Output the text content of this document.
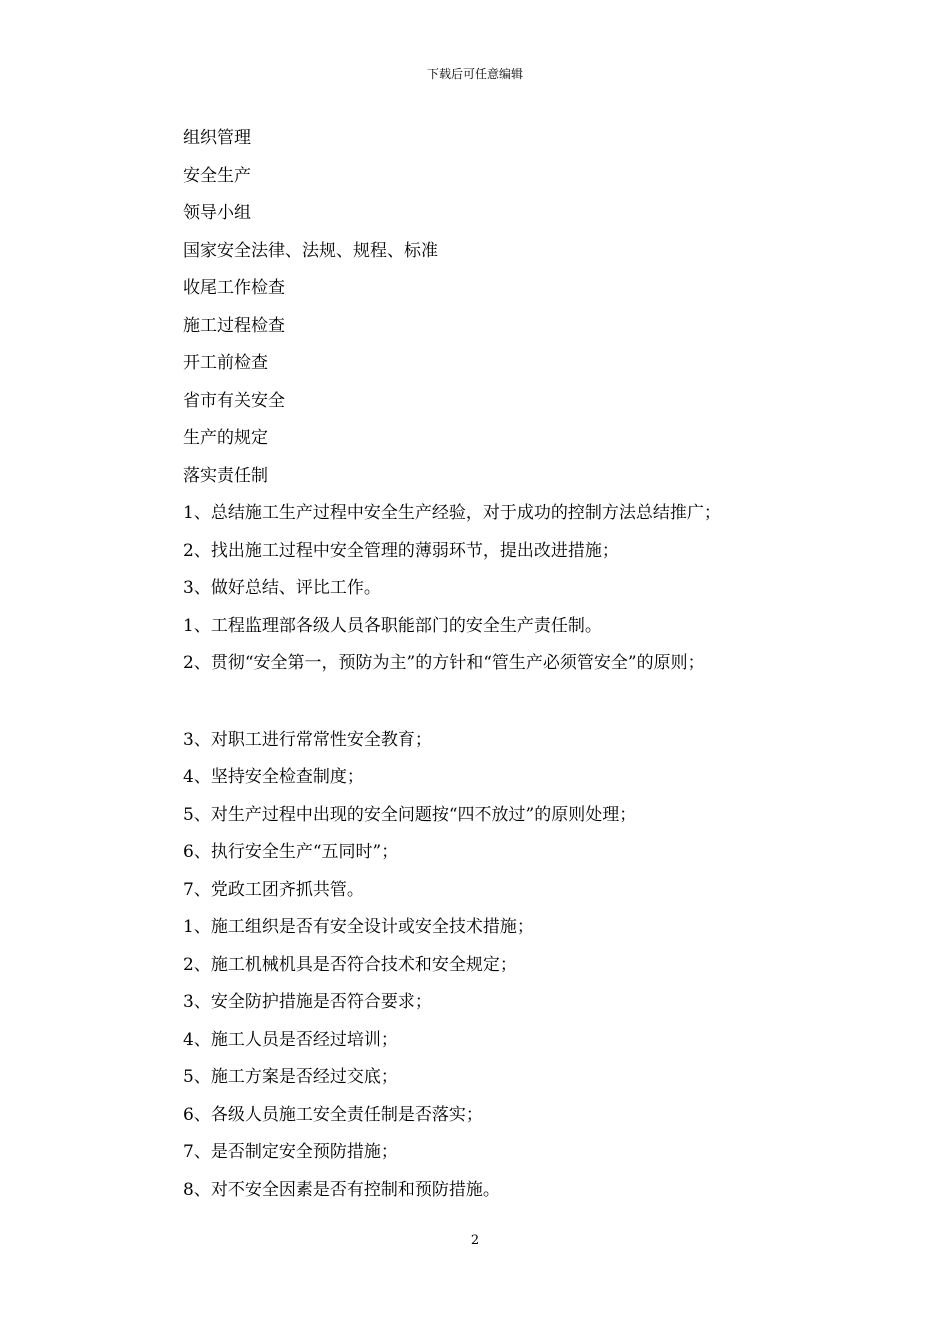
下载后可任意编辑
组织管理
安全生产
领导小组
国家安全法律、法规、规程、标准
收尾工作检查
施工过程检查
开工前检查
省市有关安全
生产的规定
落实责任制
1、总结施工生产过程中安全生产经验，对于成功的控制方法总结推广；
2、找出施工过程中安全管理的薄弱环节，提出改进措施；
3、做好总结、评比工作。
1、工程监理部各级人员各职能部门的安全生产责任制。
2、贯彻“安全第一，预防为主”的方针和“管生产必须管安全”的原则；
3、对职工进行常常性安全教育；
4、坚持安全检查制度；
5、对生产过程中出现的安全问题按“四不放过”的原则处理；
6、执行安全生产“五同时”；
7、党政工团齐抓共管。
1、施工组织是否有安全设计或安全技术措施；
2、施工机械机具是否符合技术和安全规定；
3、安全防护措施是否符合要求；
4、施工人员是否经过培训；
5、施工方案是否经过交底；
6、各级人员施工安全责任制是否落实；
7、是否制定安全预防措施；
8、对不安全因素是否有控制和预防措施。
2
